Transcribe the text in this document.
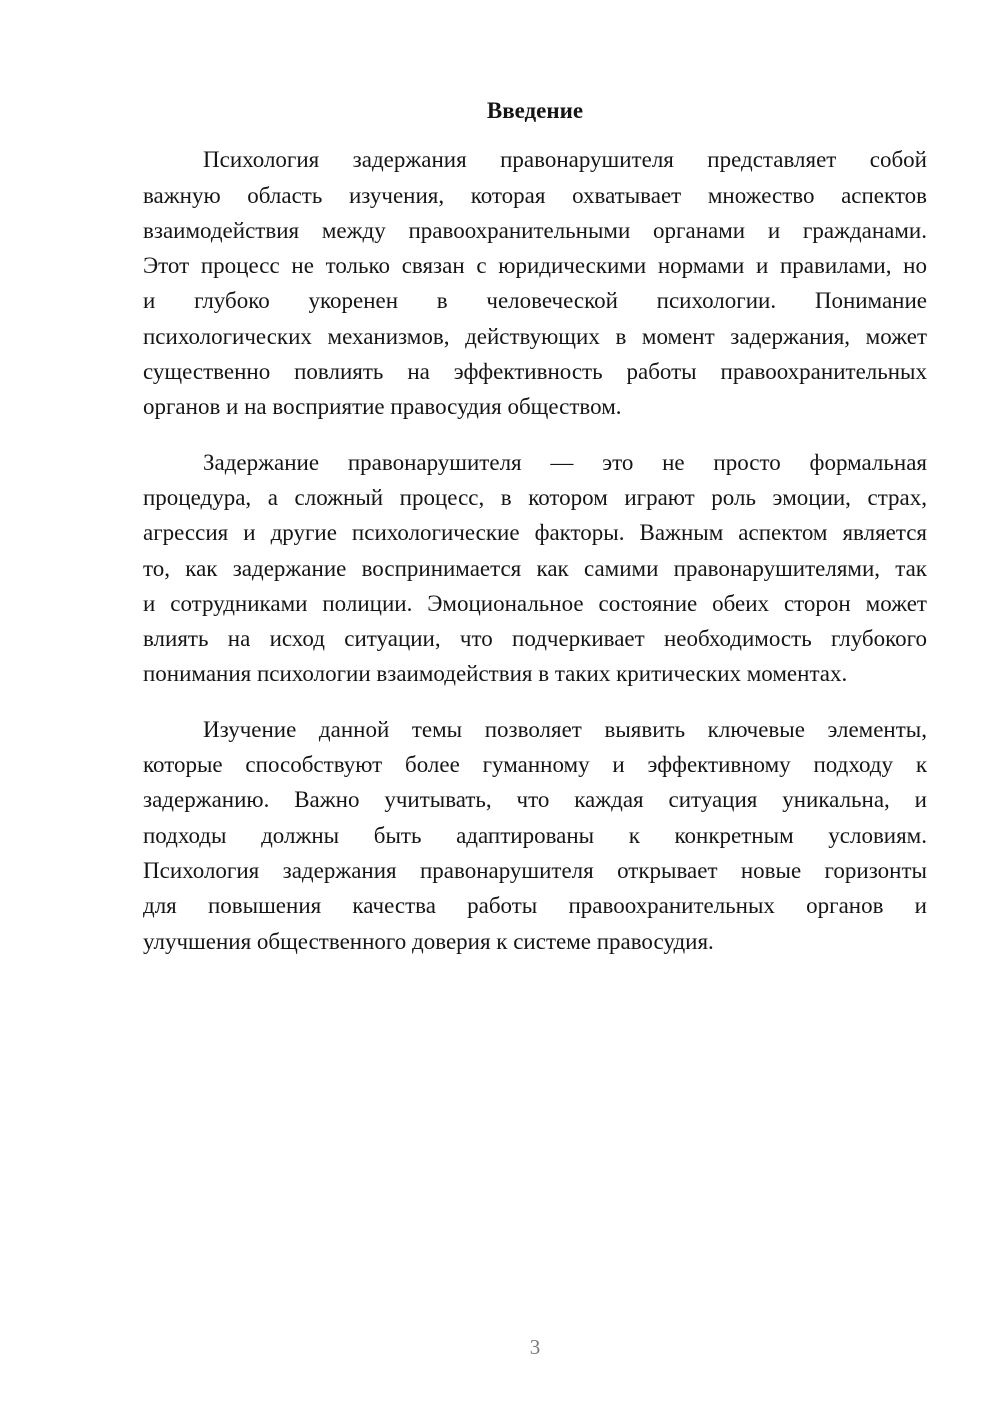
Введение
Психология задержания правонарушителя представляет собой
важную область изучения, которая охватывает множество аспектов
взаимодействия между правоохранительными органами и гражданами.
Этот процесс не только связан с юридическими нормами и правилами, но
и глубоко укоренен в человеческой психологии. Понимание
психологических механизмов, действующих в момент задержания, может
существенно повлиять на эффективность работы правоохранительных
органов и на восприятие правосудия обществом.
Задержание правонарушителя — это не просто формальная
процедура, а сложный процесс, в котором играют роль эмоции, страх,
агрессия и другие психологические факторы. Важным аспектом является
то, как задержание воспринимается как самими правонарушителями, так
и сотрудниками полиции. Эмоциональное состояние обеих сторон может
влиять на исход ситуации, что подчеркивает необходимость глубокого
понимания психологии взаимодействия в таких критических моментах.
Изучение данной темы позволяет выявить ключевые элементы,
которые способствуют более гуманному и эффективному подходу к
задержанию. Важно учитывать, что каждая ситуация уникальна, и
подходы должны быть адаптированы к конкретным условиям.
Психология задержания правонарушителя открывает новые горизонты
для повышения качества работы правоохранительных органов и
улучшения общественного доверия к системе правосудия.
3
